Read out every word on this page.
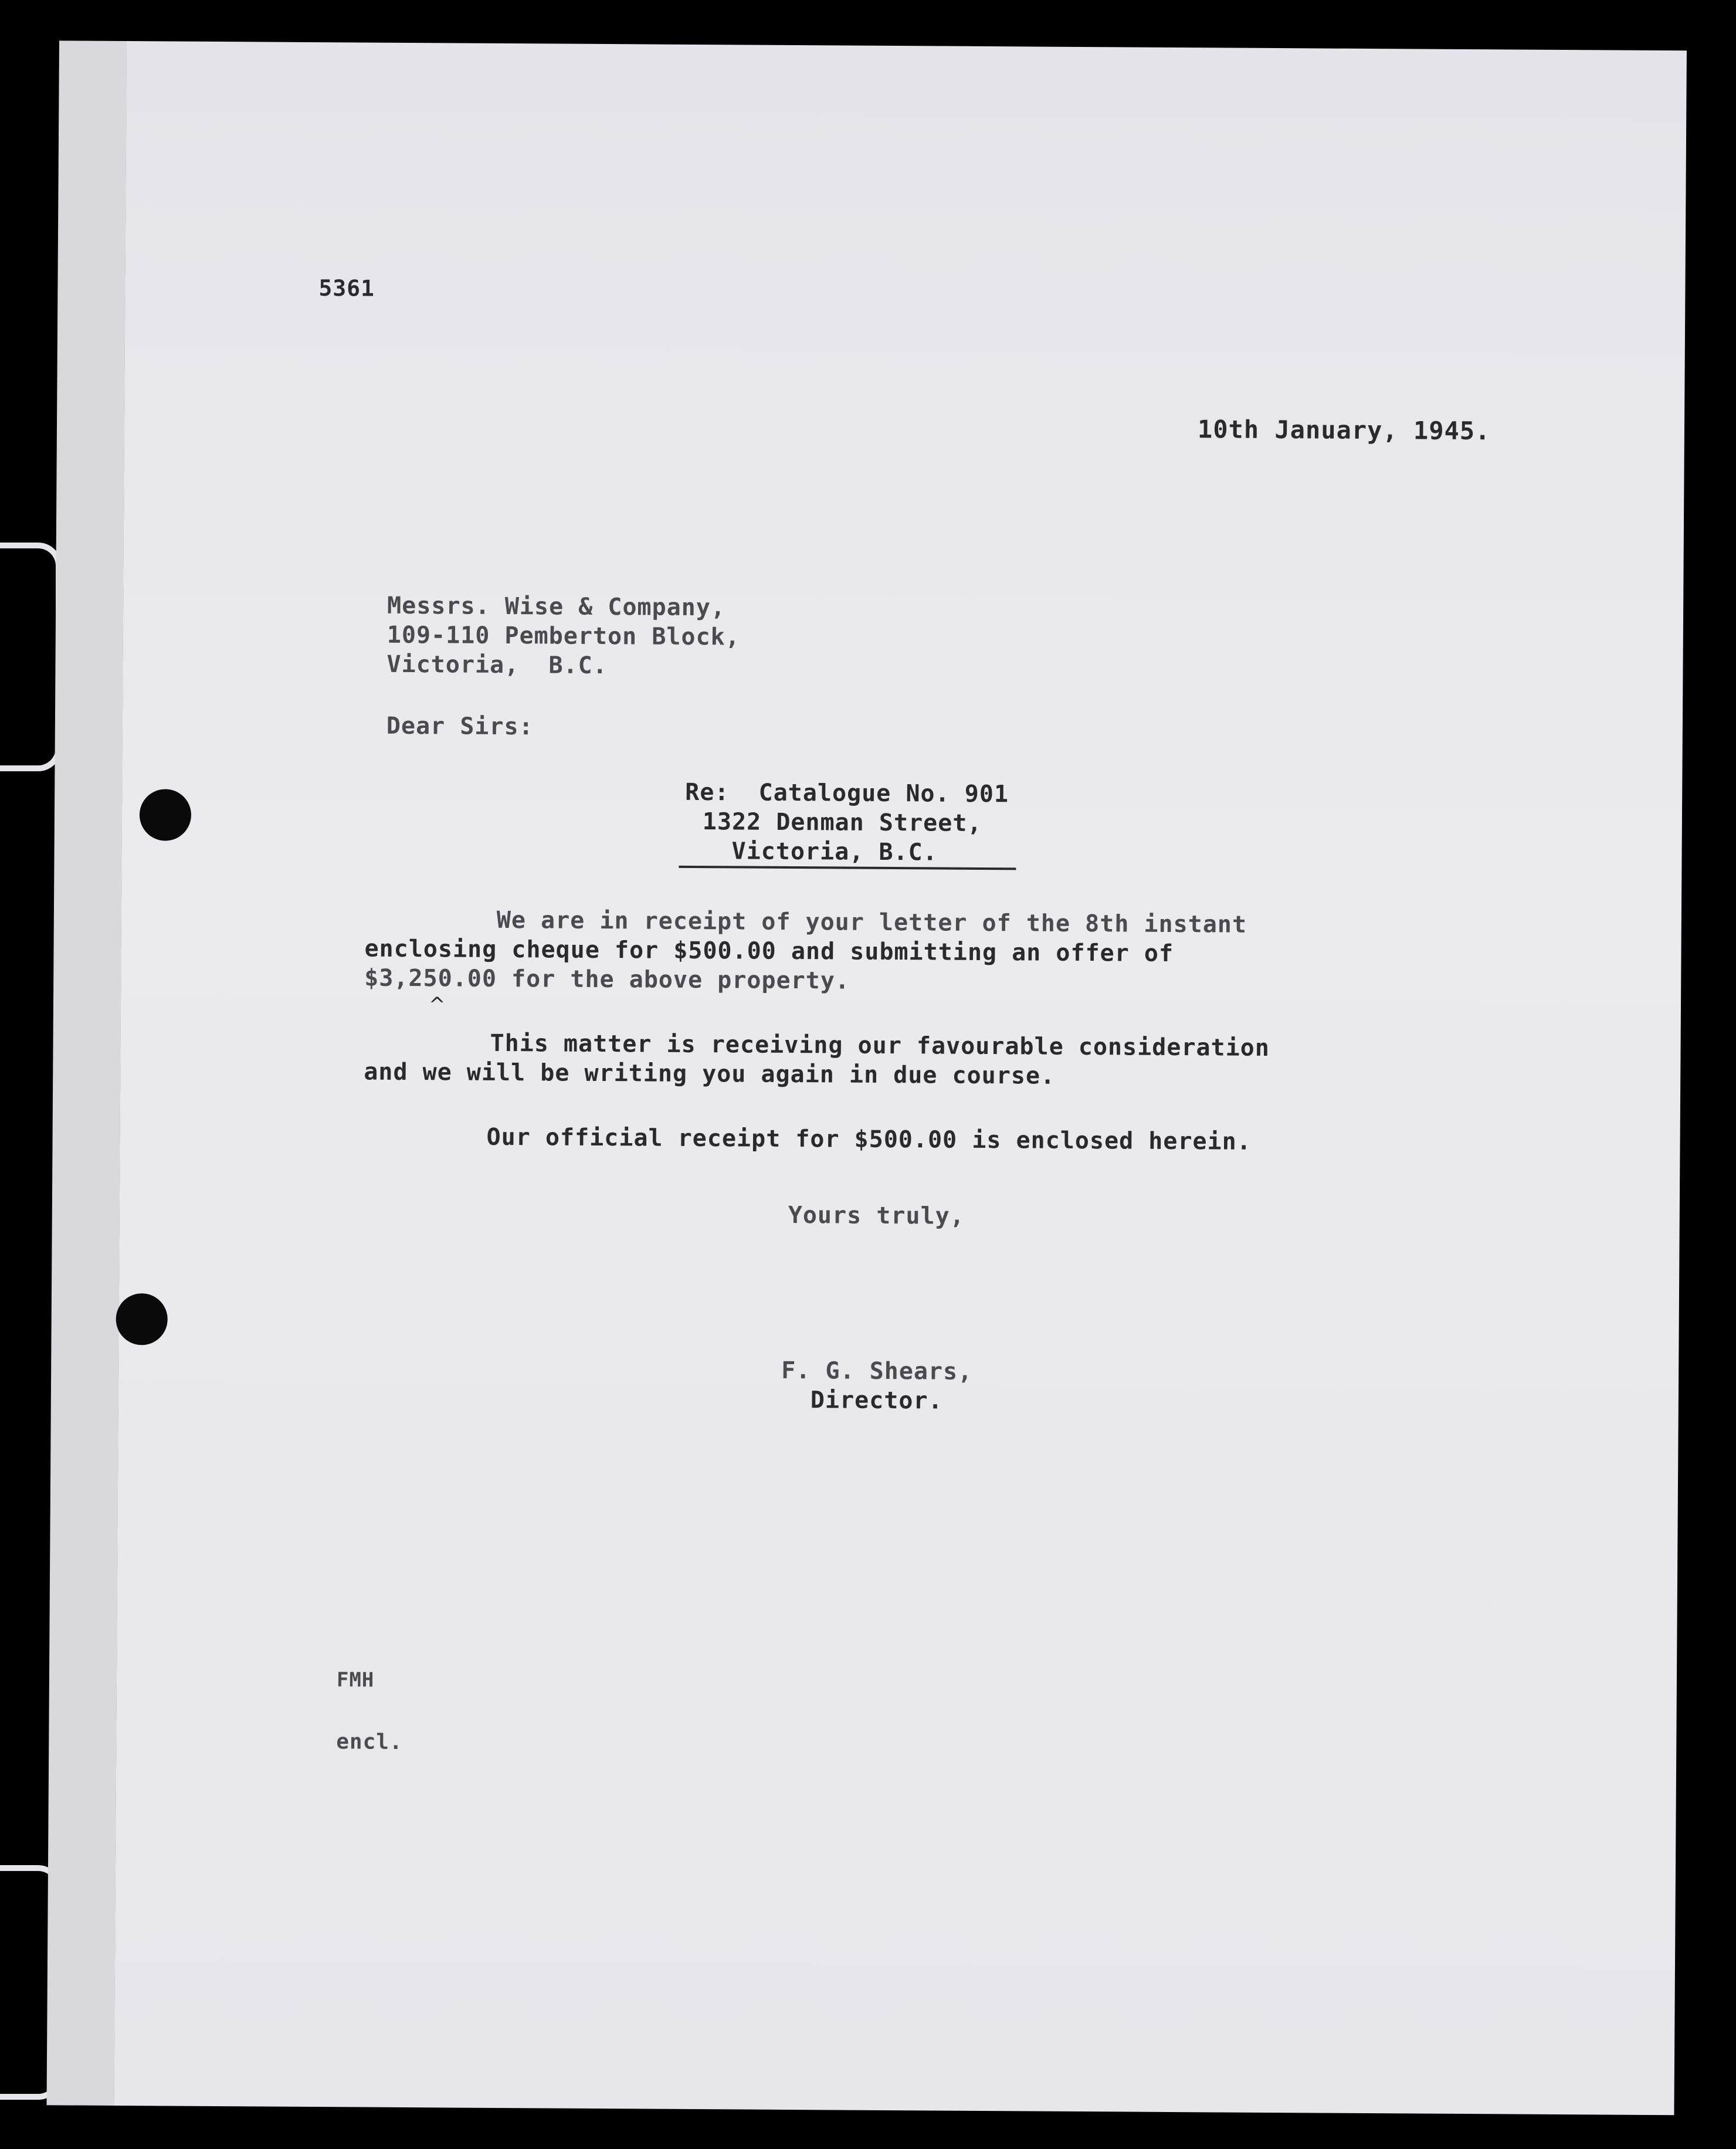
5361
10th January, 1945.
Messrs. Wise & Company,
109-110 Pemberton Block,
Victoria,  B.C.
Dear Sirs:
Re:  Catalogue No. 901
1322 Denman Street,
Victoria, B.C.
We are in receipt of your letter of the 8th instant
enclosing cheque for $500.00 and submitting an offer of
$3,250.00 for the above property.
^
This matter is receiving our favourable consideration
and we will be writing you again in due course.
Our official receipt for $500.00 is enclosed herein.
Yours truly,
F. G. Shears,
Director.
FMH
encl.
